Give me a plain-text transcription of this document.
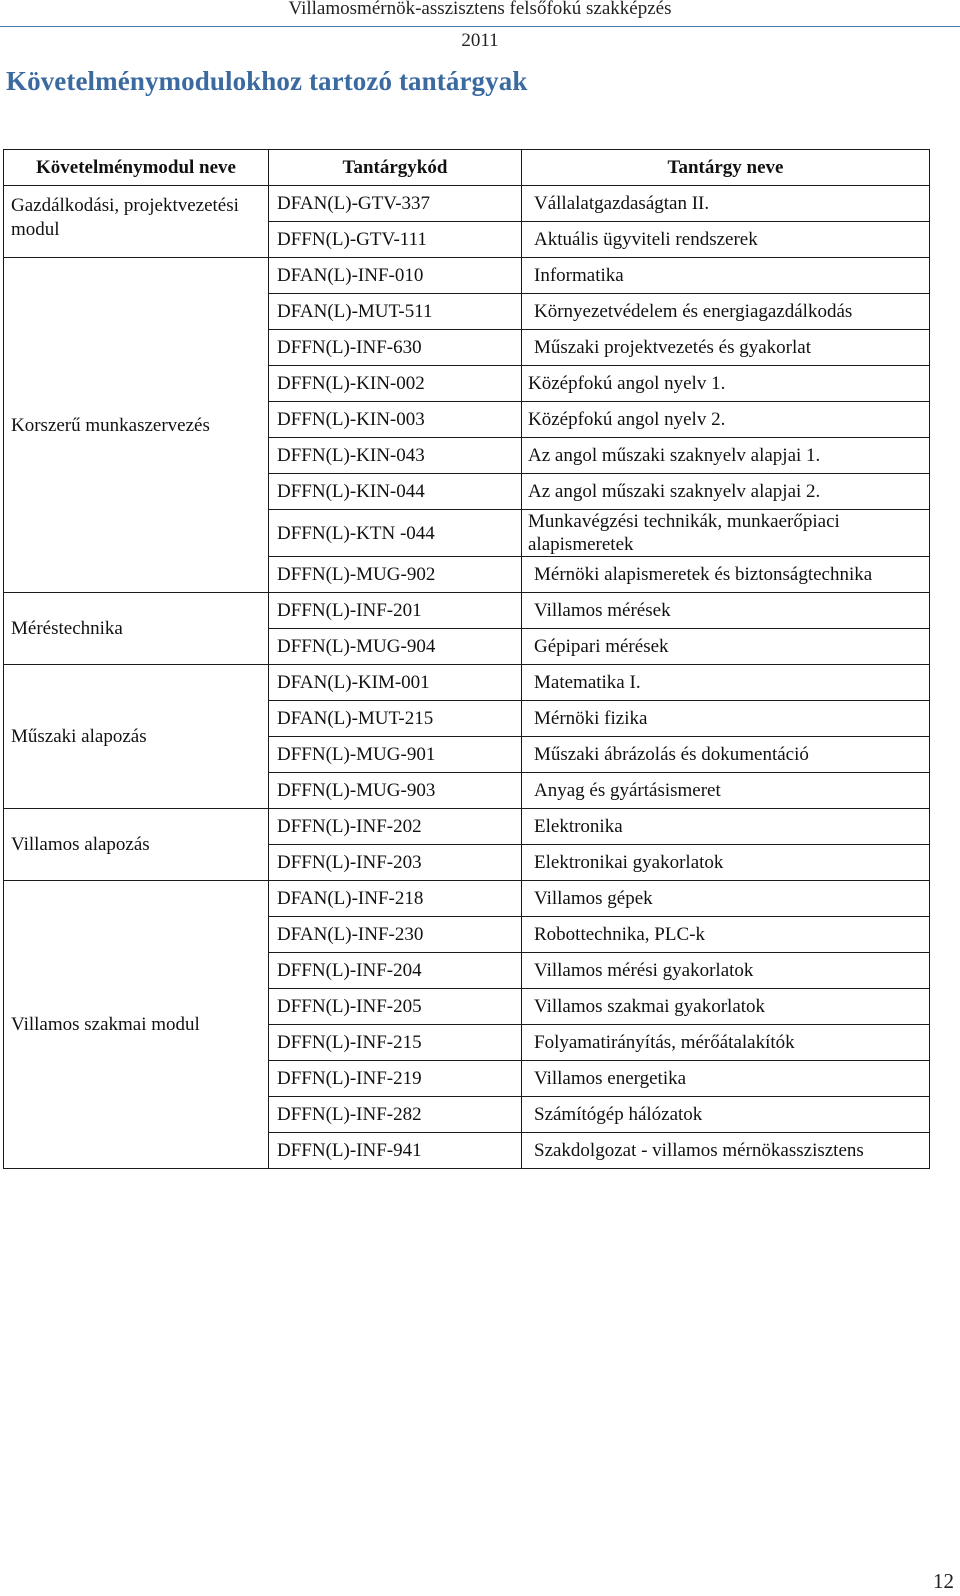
Villamosmérnök-asszisztens felsőfokú szakképzés
2011
Követelménymodulokhoz tartozó tantárgyak
Követelménymodul neve	Tantárgykód	Tantárgy neve
Gazdálkodási, projektvezetési modul	DFAN(L)-GTV-337	Vállalatgazdaságtan II.
	DFFN(L)-GTV-111	Aktuális ügyviteli rendszerek
Korszerű munkaszervezés	DFAN(L)-INF-010	Informatika
	DFAN(L)-MUT-511	Környezetvédelem és energiagazdálkodás
	DFFN(L)-INF-630	Műszaki projektvezetés és gyakorlat
	DFFN(L)-KIN-002	Középfokú angol nyelv 1.
	DFFN(L)-KIN-003	Középfokú angol nyelv 2.
	DFFN(L)-KIN-043	Az angol műszaki szaknyelv alapjai 1.
	DFFN(L)-KIN-044	Az angol műszaki szaknyelv alapjai 2.
	DFFN(L)-KTN -044	Munkavégzési technikák, munkaerőpiaci alapismeretek
	DFFN(L)-MUG-902	Mérnöki alapismeretek és biztonságtechnika
Méréstechnika	DFFN(L)-INF-201	Villamos mérések
	DFFN(L)-MUG-904	Gépipari mérések
Műszaki alapozás	DFAN(L)-KIM-001	Matematika I.
	DFAN(L)-MUT-215	Mérnöki fizika
	DFFN(L)-MUG-901	Műszaki ábrázolás és dokumentáció
	DFFN(L)-MUG-903	Anyag és gyártásismeret
Villamos alapozás	DFFN(L)-INF-202	Elektronika
	DFFN(L)-INF-203	Elektronikai gyakorlatok
Villamos szakmai modul	DFAN(L)-INF-218	Villamos gépek
	DFAN(L)-INF-230	Robottechnika, PLC-k
	DFFN(L)-INF-204	Villamos mérési gyakorlatok
	DFFN(L)-INF-205	Villamos szakmai gyakorlatok
	DFFN(L)-INF-215	Folyamatirányítás, mérőátalakítók
	DFFN(L)-INF-219	Villamos energetika
	DFFN(L)-INF-282	Számítógép hálózatok
	DFFN(L)-INF-941	Szakdolgozat - villamos mérnökasszisztens
12
